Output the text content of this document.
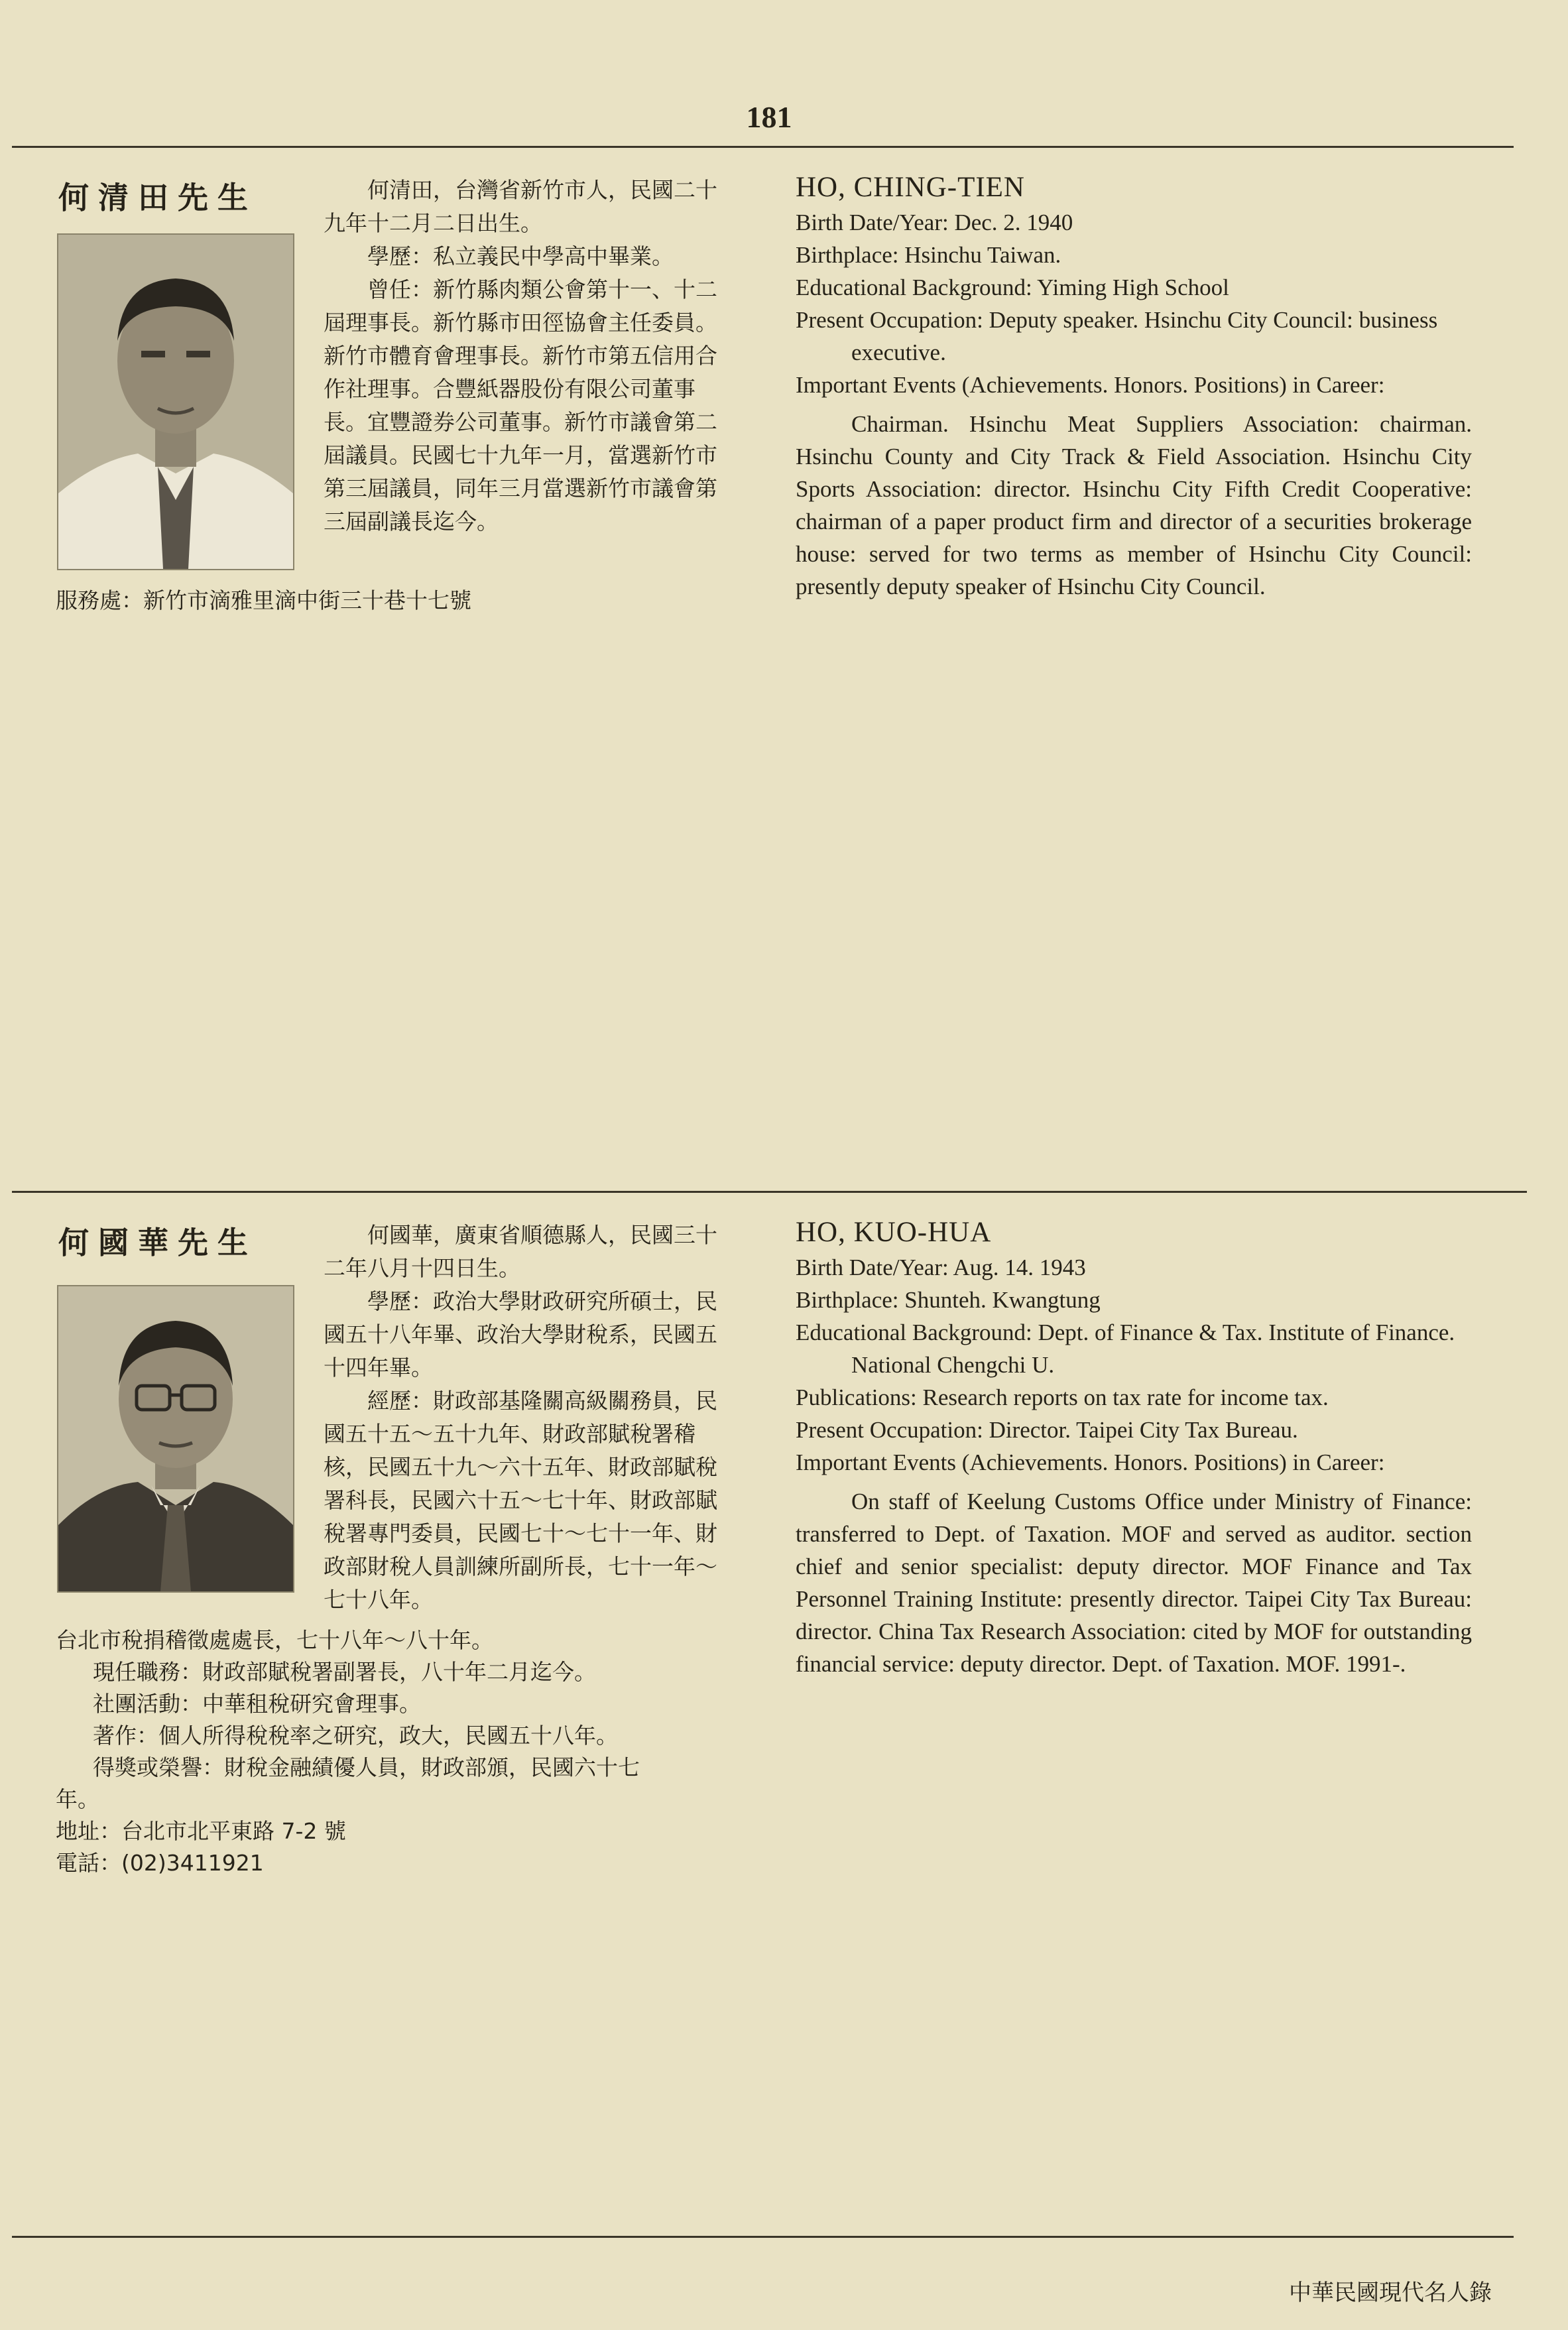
181
何清田先生	何清田，台灣省新竹市人，民國二十九年十二月二日出生。

學歷：私立義民中學高中畢業。

曾任：新竹縣肉類公會第十一、十二屆理事長。新竹縣市田徑協會主任委員。新竹市體育會理事長。新竹市第五信用合作社理事。合豐紙器股份有限公司董事長。宜豐證券公司董事。新竹市議會第二屆議員。民國七十九年一月，當選新竹市第三屆議員，同年三月當選新竹市議會第三屆副議長迄今。

服務處：新竹市滴雅里滴中街三十巷十七號
HO, CHING-TIEN
Birth Date/Year: Dec. 2. 1940
Birthplace: Hsinchu Taiwan.
Educational Background: Yiming High School
Present Occupation: Deputy speaker. Hsinchu City Council: business executive.
Important Events (Achievements. Honors. Positions) in Career:
Chairman. Hsinchu Meat Suppliers Association: chairman. Hsinchu County and City Track & Field Association. Hsinchu City Sports Association: director. Hsinchu City Fifth Credit Cooperative: chairman of a paper product firm and director of a securities brokerage house: served for two terms as member of Hsinchu City Council: presently deputy speaker of Hsinchu City Council.
何國華先生	何國華，廣東省順德縣人，民國三十二年八月十四日生。

學歷：政治大學財政研究所碩士，民國五十八年畢、政治大學財稅系，民國五十四年畢。

經歷：財政部基隆關高級關務員，民國五十五～五十九年、財政部賦稅署稽核，民國五十九～六十五年、財政部賦稅署科長，民國六十五～七十年、財政部賦稅署專門委員，民國七十～七十一年、財政部財稅人員訓練所副所長，七十一年～七十八年。

台北市稅捐稽徵處處長，七十八年～八十年。
現任職務：財政部賦稅署副署長，八十年二月迄今。
社團活動：中華租稅研究會理事。
著作：個人所得稅稅率之研究，政大，民國五十八年。
得獎或榮譽：財稅金融績優人員，財政部頒，民國六十七
年。
地址：台北市北平東路 7-2 號
電話：(02)3411921
HO, KUO-HUA
Birth Date/Year: Aug. 14. 1943
Birthplace: Shunteh. Kwangtung
Educational Background: Dept. of Finance & Tax. Institute of Finance. National Chengchi U.
Publications: Research reports on tax rate for income tax.
Present Occupation: Director. Taipei City Tax Bureau.
Important Events (Achievements. Honors. Positions) in Career:
On staff of Keelung Customs Office under Ministry of Finance: transferred to Dept. of Taxation. MOF and served as auditor. section chief and senior specialist: deputy director. MOF Finance and Tax Personnel Training Institute: presently director. Taipei City Tax Bureau: director. China Tax Research Association: cited by MOF for outstanding financial service: deputy director. Dept. of Taxation. MOF. 1991-.
中華民國現代名人錄
